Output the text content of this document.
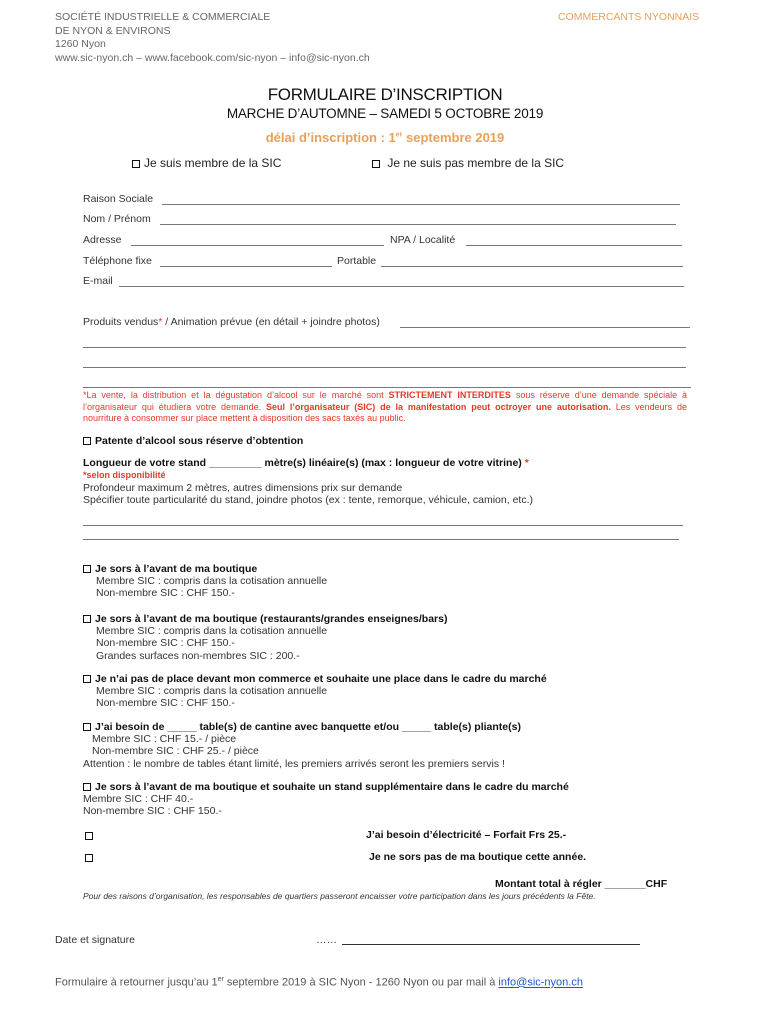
SOCIÉTÉ INDUSTRIELLE & COMMERCIALE
DE NYON & ENVIRONS
1260 Nyon
www.sic-nyon.ch – www.facebook.com/sic-nyon – info@sic-nyon.ch
COMMERCANTS NYONNAIS
FORMULAIRE D’INSCRIPTION
MARCHE D’AUTOMNE – SAMEDI 5 OCTOBRE 2019
délai d’inscription : 1er septembre 2019
Je suis membre de la SIC	Je ne suis pas membre de la SIC
Raison Sociale
Nom / Prénom
Adresse	NPA / Localité
Téléphone fixe	Portable
E-mail
Produits vendus* / Animation prévue (en détail + joindre photos)
*La vente, la distribution et la dégustation d’alcool sur le marché sont STRICTEMENT INTERDITES sous réserve d’une demande spéciale à l’organisateur qui étudiera votre demande. Seul l’organisateur (SIC) de la manifestation peut octroyer une autorisation. Les vendeurs de nourriture à consommer sur place mettent à disposition des sacs taxés au public.
Patente d’alcool sous réserve d’obtention
Longueur de votre stand _________ mètre(s) linéaire(s) (max : longueur de votre vitrine) *
*selon disponibilité
Profondeur maximum 2 mètres, autres dimensions prix sur demande
Spécifier toute particularité du stand, joindre photos (ex : tente, remorque, véhicule, camion, etc.)
Je sors à l’avant de ma boutique
Membre SIC : compris dans la cotisation annuelle
Non-membre SIC : CHF 150.-
Je sors à l’avant de ma boutique (restaurants/grandes enseignes/bars)
Membre SIC : compris dans la cotisation annuelle
Non-membre SIC : CHF 150.-
Grandes surfaces non-membres SIC : 200.-
Je n’ai pas de place devant mon commerce et souhaite une place dans le cadre du marché
Membre SIC : compris dans la cotisation annuelle
Non-membre SIC : CHF 150.-
J’ai besoin de _____ table(s) de cantine avec banquette et/ou _____ table(s) pliante(s)
Membre SIC : CHF 15.- / pièce
Non-membre SIC : CHF 25.- / pièce
Attention : le nombre de tables étant limité, les premiers arrivés seront les premiers servis !
Je sors à l’avant de ma boutique et souhaite un stand supplémentaire dans le cadre du marché
Membre SIC : CHF 40.-
Non-membre SIC : CHF 150.-
J’ai besoin d’électricité – Forfait Frs 25.-
Je ne sors pas de ma boutique cette année.
Montant total à régler _______CHF
Pour des raisons d’organisation, les responsables de quartiers passeront encaisser votre participation dans les jours précédents la Fête.
Date et signature	……
Formulaire à retourner jusqu’au 1er septembre 2019 à SIC Nyon - 1260 Nyon ou par mail à info@sic-nyon.ch
